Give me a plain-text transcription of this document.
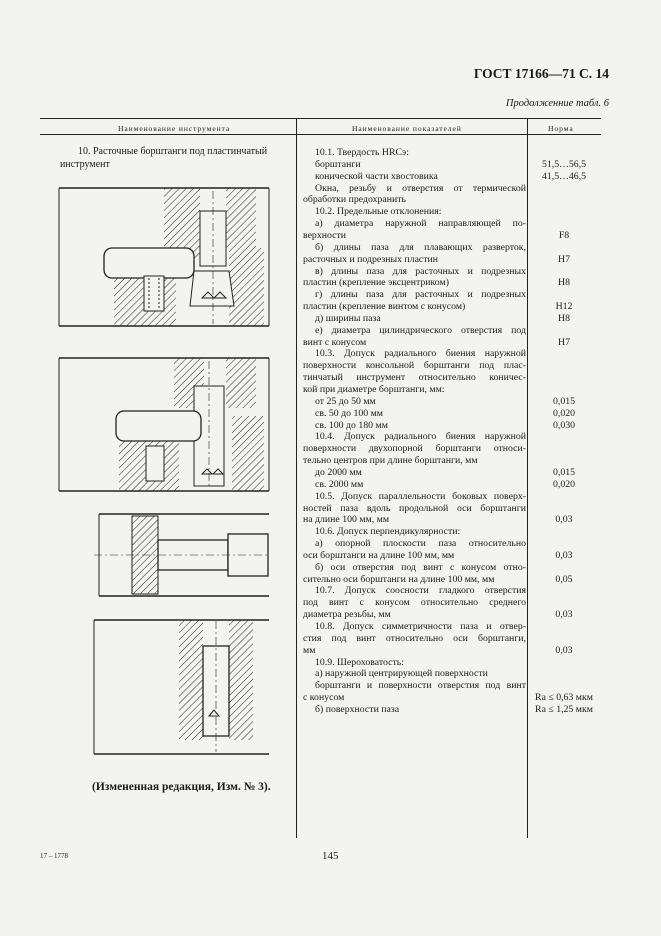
ГОСТ 17166—71 С. 14
Продолженние табл. 6
Наименование инструмента	Наименование показателей	Норма
10. Расточные борштанги под пластинчатый инструмент
(Измененная редакция, Изм. № 3).
10.1. Твердость HRCэ:
борштанги	51,5…56,5
конической части хвостовика	41,5…46,5
Окна, резьбу и отверстия от термической
обработки предохранить
10.2. Предельные отклонения:
а) диаметра наружной направляющей по-
верхности	F8
б) длины паза для плавающих разверток,
расточных и подрезных пластин	H7
в) длины паза для расточных и подрезных
пластин (крепление эксцентриком)	H8
г) длины паза для расточных и подрезных
пластин (крепление винтом с конусом)	H12
д) ширины паза	H8
е) диаметра цилиндрического отверстия под
винт с конусом	H7
10.3. Допуск радиального биения наружной
поверхности консольной борштанги под плас-
тинчатый инструмент относительно коничес-
кой при диаметре борштанги, мм:
от 25 до 50 мм	0,015
св. 50 до 100 мм	0,020
св. 100 до 180 мм	0,030
10.4. Допуск радиального биения наружной
поверхности двухопорной борштанги относи-
тельно центров при длине борштанги, мм
до 2000 мм	0,015
св. 2000 мм	0,020
10.5. Допуск параллельности боковых поверх-
ностей паза вдоль продольной оси борштанги
на длине 100 мм, мм	0,03
10.6. Допуск перпендикулярности:
а) опорной плоскости паза относительно
оси борштанги на длине 100 мм, мм	0,03
б) оси отверстия под винт с конусом отно-
сительно оси борштанги на длине 100 мм, мм	0,05
10.7. Допуск соосности гладкого отверстия
под винт с конусом относительно среднего
диаметра резьбы, мм	0,03
10.8. Допуск симметричности паза и отвер-
стия под винт относительно оси борштанги,
мм	0,03
10.9. Шероховатость:
а) наружной центрирующей поверхности
борштанги и поверхности отверстия под винт
с конусом	Ra ≤ 0,63 мкм
б) поверхности паза	Ra ≤ 1,25 мкм
17 – 1778	145
